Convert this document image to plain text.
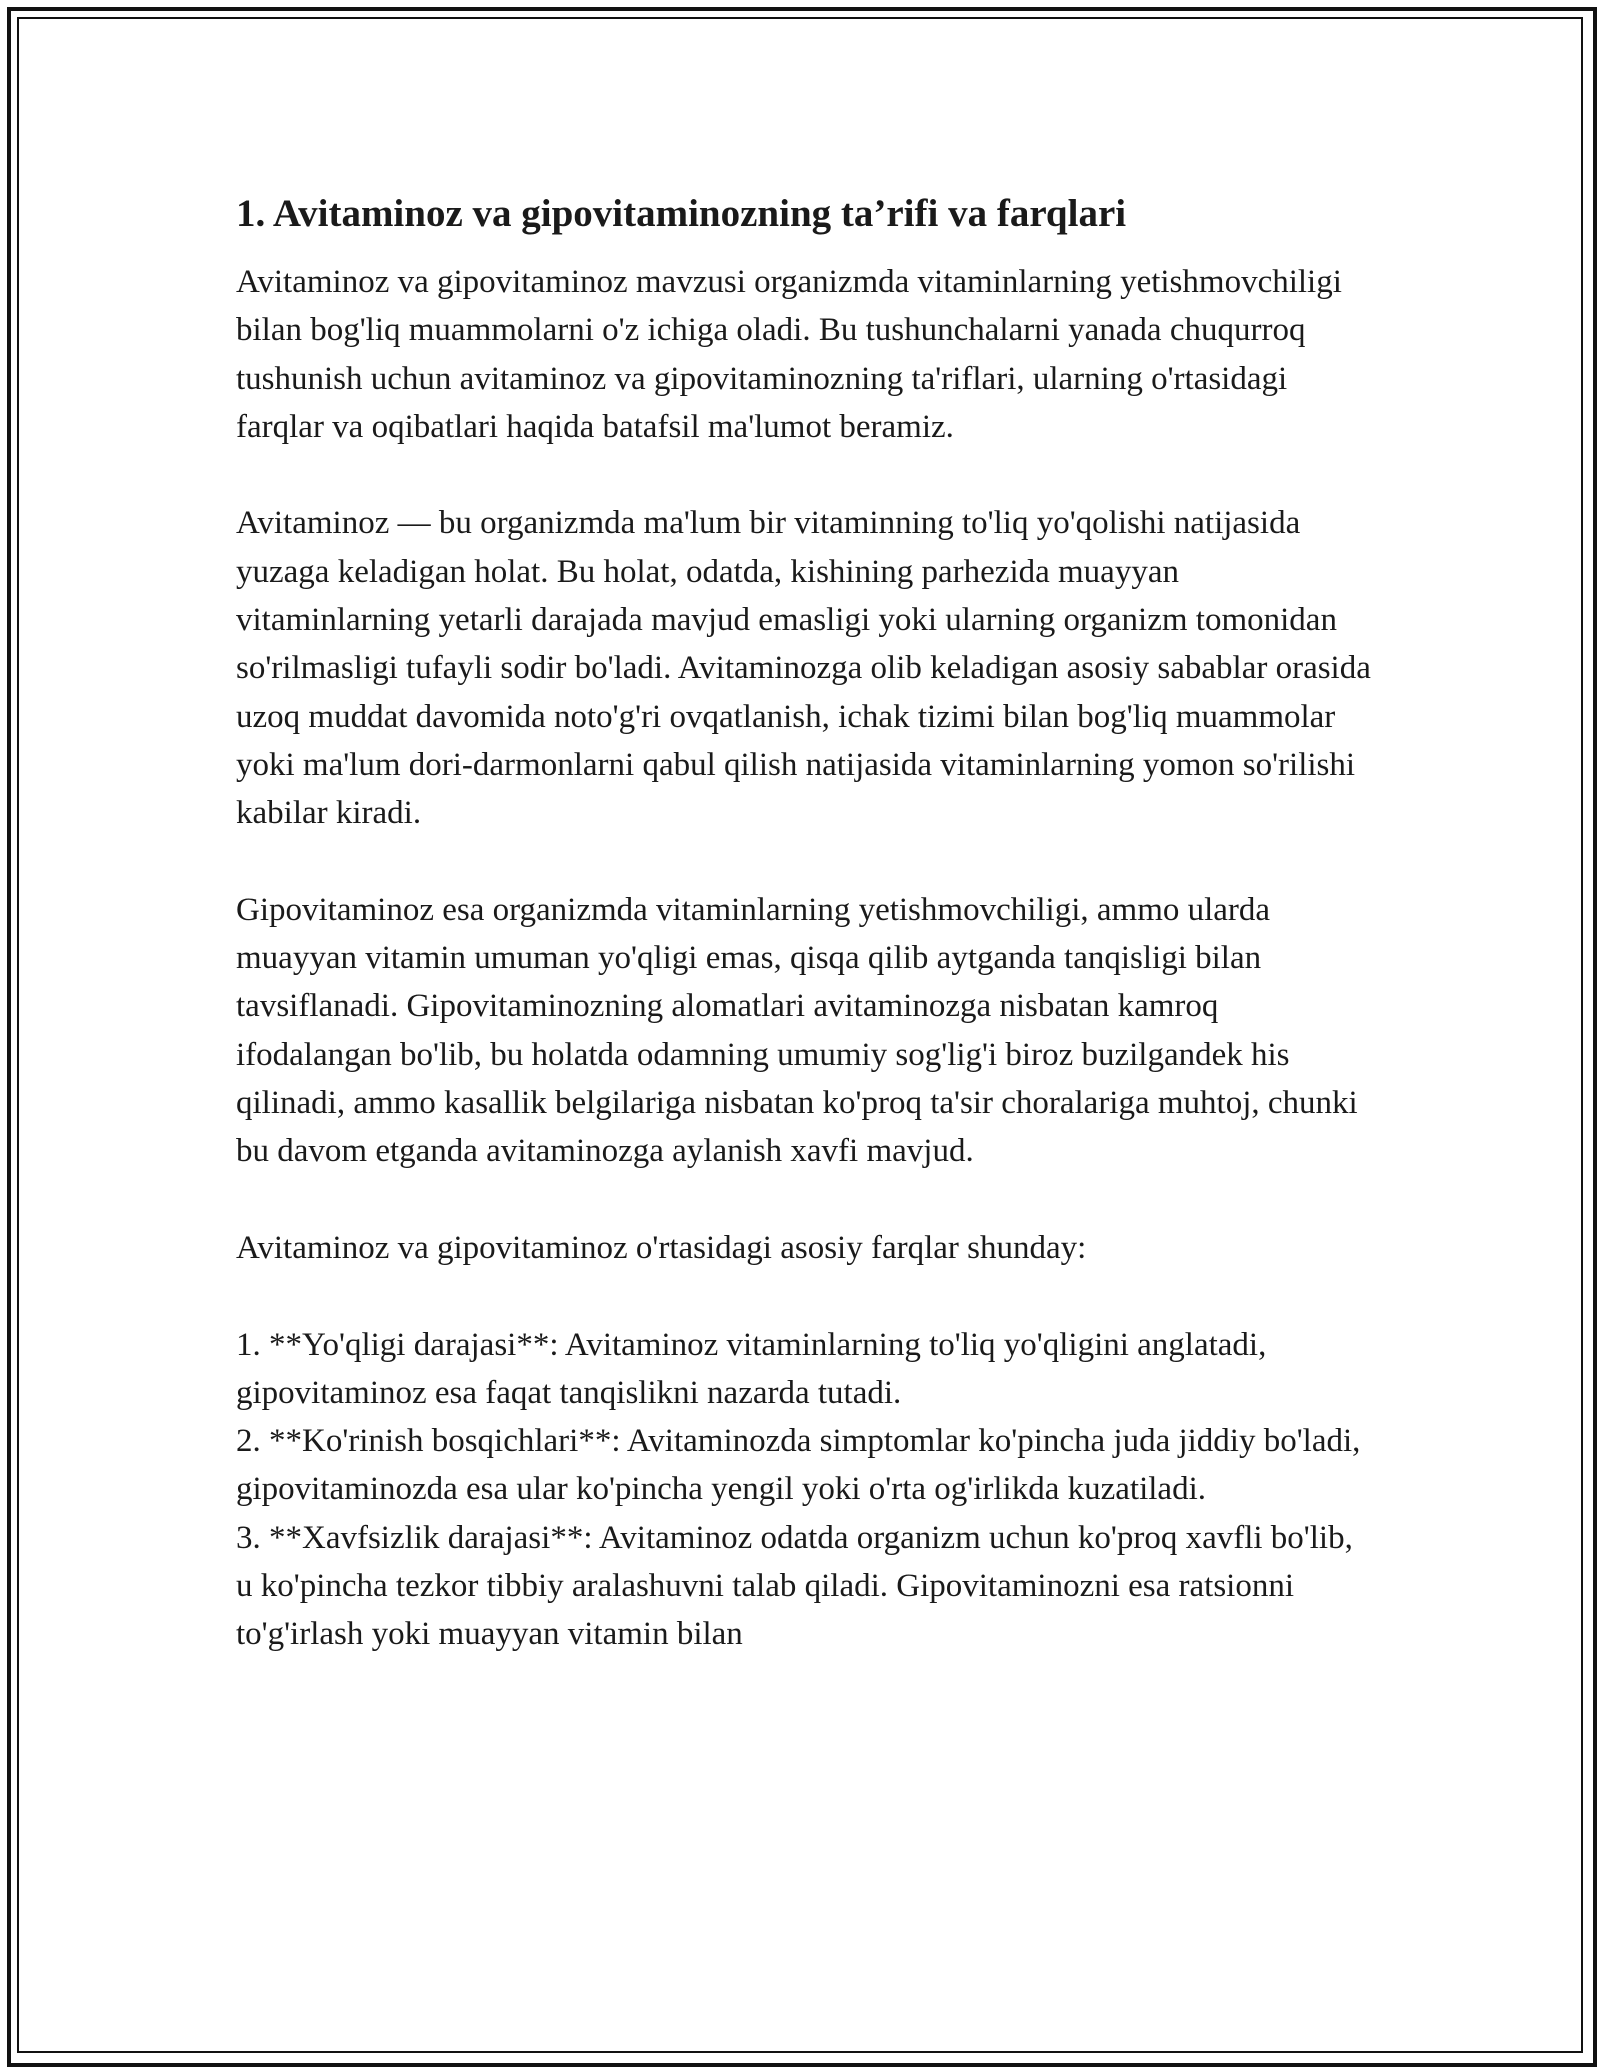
1. Avitaminoz va gipovitaminozning ta’rifi va farqlari

Avitaminoz va gipovitaminoz mavzusi organizmda vitaminlarning yetishmovchiligi bilan bog'liq muammolarni o'z ichiga oladi. Bu tushunchalarni yanada chuqurroq tushunish uchun avitaminoz va gipovitaminozning ta'riflari, ularning o'rtasidagi farqlar va oqibatlari haqida batafsil ma'lumot beramiz.

Avitaminoz — bu organizmda ma'lum bir vitaminning to'liq yo'qolishi natijasida yuzaga keladigan holat. Bu holat, odatda, kishining parhezida muayyan vitaminlarning yetarli darajada mavjud emasligi yoki ularning organizm tomonidan so'rilmasligi tufayli sodir bo'ladi. Avitaminozga olib keladigan asosiy sabablar orasida uzoq muddat davomida noto'g'ri ovqatlanish, ichak tizimi bilan bog'liq muammolar yoki ma'lum dori-darmonlarni qabul qilish natijasida vitaminlarning yomon so'rilishi kabilar kiradi.

Gipovitaminoz esa organizmda vitaminlarning yetishmovchiligi, ammo ularda muayyan vitamin umuman yo'qligi emas, qisqa qilib aytganda tanqisligi bilan tavsiflanadi. Gipovitaminozning alomatlari avitaminozga nisbatan kamroq ifodalangan bo'lib, bu holatda odamning umumiy sog'lig'i biroz buzilgandek his qilinadi, ammo kasallik belgilariga nisbatan ko'proq ta'sir choralariga muhtoj, chunki bu davom etganda avitaminozga aylanish xavfi mavjud.

Avitaminoz va gipovitaminoz o'rtasidagi asosiy farqlar shunday:

1. **Yo'qligi darajasi**: Avitaminoz vitaminlarning to'liq yo'qligini anglatadi, gipovitaminoz esa faqat tanqislikni nazarda tutadi.

2. **Ko'rinish bosqichlari**: Avitaminozda simptomlar ko'pincha juda jiddiy bo'ladi, gipovitaminozda esa ular ko'pincha yengil yoki o'rta og'irlikda kuzatiladi.

3. **Xavfsizlik darajasi**: Avitaminoz odatda organizm uchun ko'proq xavfli bo'lib, u ko'pincha tezkor tibbiy aralashuvni talab qiladi. Gipovitaminozni esa ratsionni to'g'irlash yoki muayyan vitamin bilan
